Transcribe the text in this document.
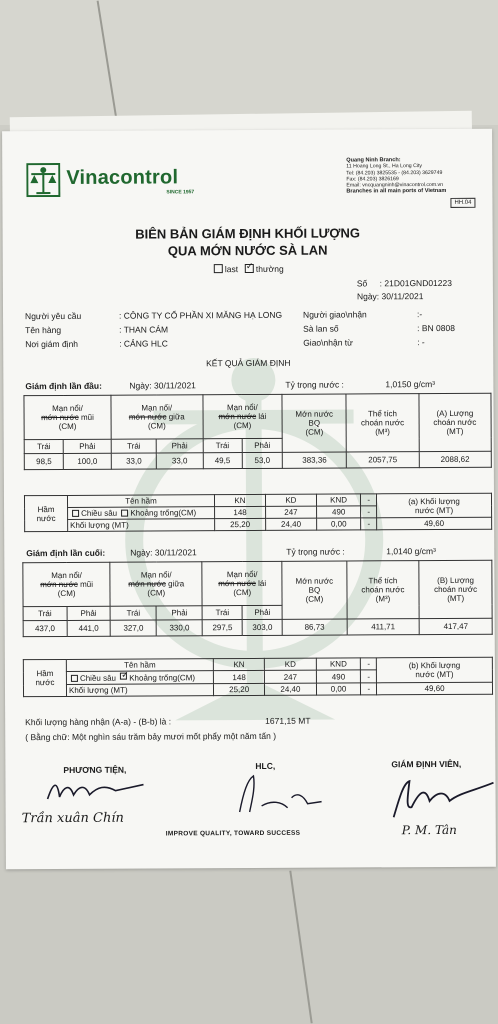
Vinacontrol
SINCE 1957
Quang Ninh Branch:
11 Hoang Long St., Ha Long City
Tel: (84.203) 3825535 - (84.203) 3629749
Fax: (84.203) 3826169
Email: vncquangninh@vinacontrol.com.vn
Branches in all main ports of Vietnam
HH.04
BIÊN BẢN GIÁM ĐỊNH KHỐI LƯỢNG
QUA MỚN NƯỚC SÀ LAN
last ✓ thường
Số : 21D01GND01223
Ngày: 30/11/2021
Người yêu cầu	: CÔNG TY CỔ PHẦN XI MĂNG HẠ LONG Người giao\nhận	:-
Tên hàng	: THAN CÁM	Sà lan số	: BN 0808
Nơi giám định	: CẢNG HLC	Giao\nhận từ	: -
KẾT QUẢ GIÁM ĐỊNH
Giám định lần đầu:	Ngày: 30/11/2021	Tỷ trọng nước :	1,0150 g/cm³
Mạn nổi/
mớn nước mũi
(CM)		Mạn nổi/
mớn nước giữa
(CM)		Mạn nổi/
mớn nước lái
(CM)		Mớn nước
BQ
(CM)	Thể tích
choán nước
(M³)	(A) Lượng
choán nước
(MT)
Trái	Phải	Trái	Phải	Trái	Phải			
98,5	100,0	33,0	33,0	49,5	53,0	383,36	2057,75	2088,62
Hầm
nước	Tên hầm	KN	KD	KND	-	(a) Khối lượng
nước (MT)
	Chiều sâu Khoảng trống(CM)	148	247	490	-	
	Khối lượng (MT)	25,20	24,40	0,00	-	49,60
Giám định lần cuối:	Ngày: 30/11/2021	Tỷ trọng nước :	1,0140 g/cm³
Mạn nổi/
mớn nước mũi
(CM)		Mạn nổi/
mớn nước giữa
(CM)		Mạn nổi/
mớn nước lái
(CM)		Mớn nước
BQ
(CM)	Thể tích
choán nước
(M³)	(B) Lượng
choán nước
(MT)
Trái	Phải	Trái	Phải	Trái	Phải			
437,0	441,0	327,0	330,0	297,5	303,0	86,73	411,71	417,47
Hầm
nước	Tên hầm	KN	KD	KND	-	(b) Khối lượng
nước (MT)
	Chiều sâu ✓ Khoảng trống(CM)	148	247	490	-	
	Khối lượng (MT)	25,20	24,40	0,00	-	49,60
Khối lượng hàng nhận (A-a) - (B-b) là :	1671,15 MT
( Bằng chữ: Một nghìn sáu trăm bảy mươi mốt phẩy một năm tấn )
PHƯƠNG TIỆN,	HLC,	GIÁM ĐỊNH VIÊN,
Trần xuân Chín
P. M. Tân
IMPROVE QUALITY, TOWARD SUCCESS
